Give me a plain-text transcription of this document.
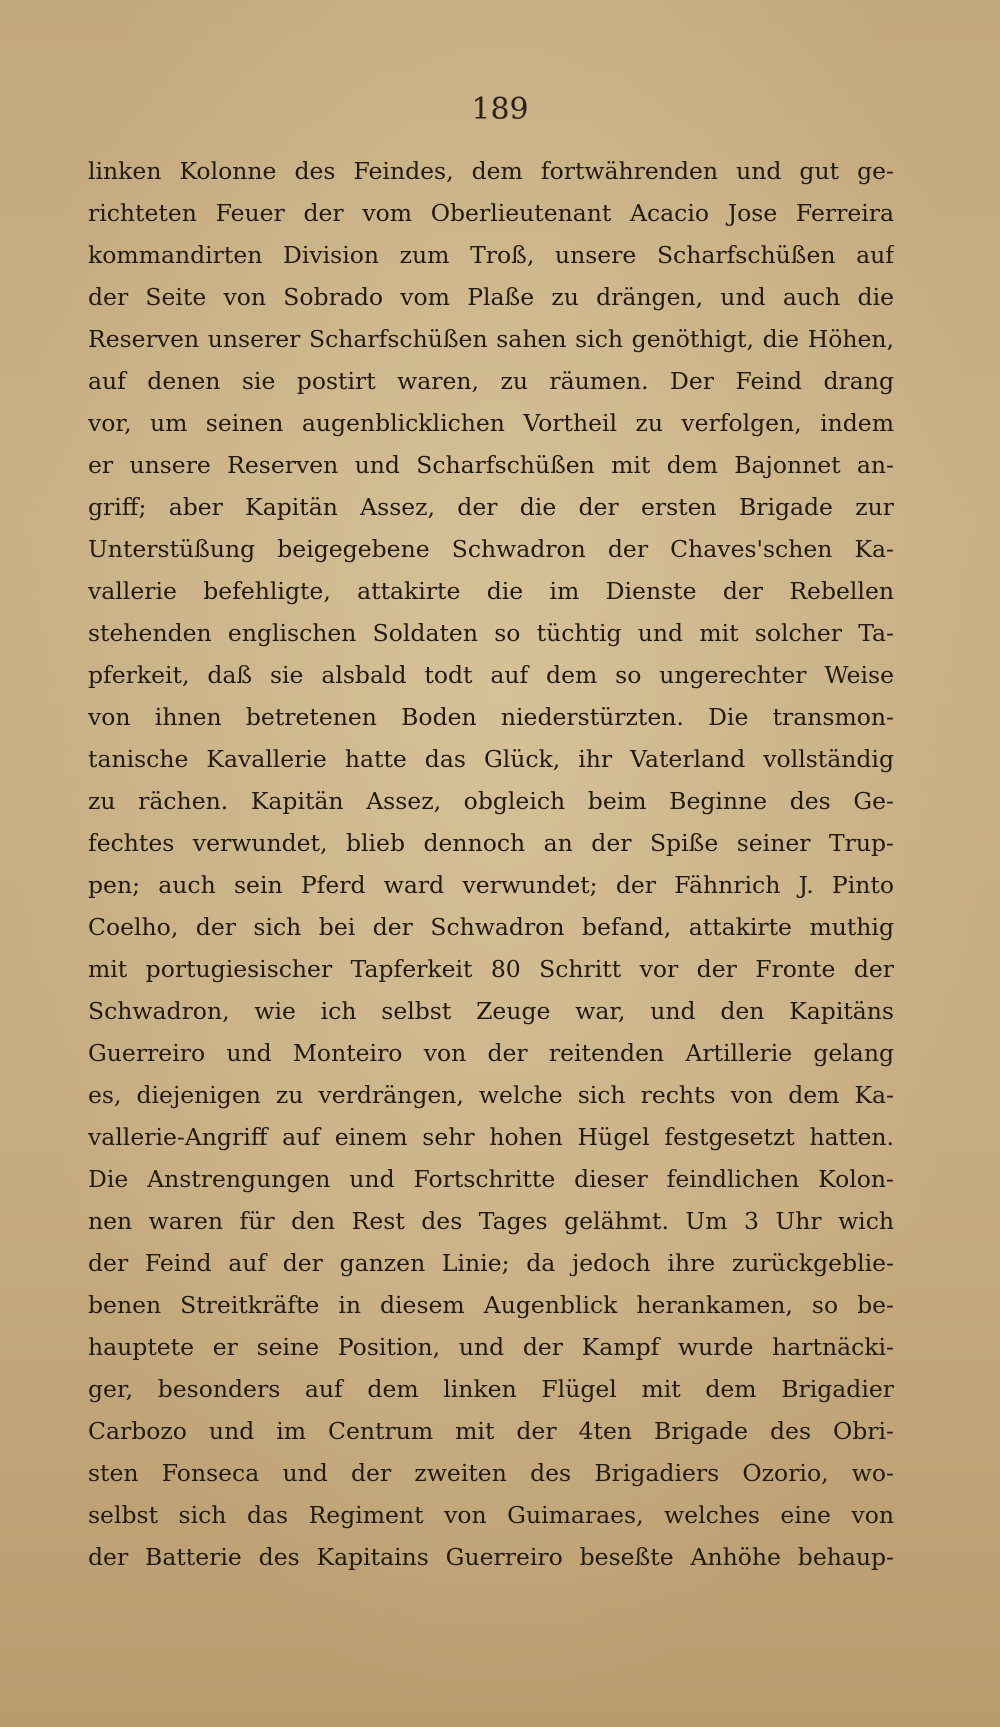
189

linken Kolonne des Feindes, dem fortwährenden und gut ge-
richteten Feuer der vom Oberlieutenant Acacio Jose Ferreira
kommandirten Division zum Troß, unsere Scharfschüßen auf
der Seite von Sobrado vom Plaße zu drängen, und auch die
Reserven unserer Scharfschüßen sahen sich genöthigt, die Höhen,
auf denen sie postirt waren, zu räumen. Der Feind drang
vor, um seinen augenblicklichen Vortheil zu verfolgen, indem
er unsere Reserven und Scharfschüßen mit dem Bajonnet an-
griff; aber Kapitän Assez, der die der ersten Brigade zur
Unterstüßung beigegebene Schwadron der Chaves'schen Ka-
vallerie befehligte, attakirte die im Dienste der Rebellen
stehenden englischen Soldaten so tüchtig und mit solcher Ta-
pferkeit, daß sie alsbald todt auf dem so ungerechter Weise
von ihnen betretenen Boden niederstürzten. Die transmon-
tanische Kavallerie hatte das Glück, ihr Vaterland vollständig
zu rächen. Kapitän Assez, obgleich beim Beginne des Ge-
fechtes verwundet, blieb dennoch an der Spiße seiner Trup-
pen; auch sein Pferd ward verwundet; der Fähnrich J. Pinto
Coelho, der sich bei der Schwadron befand, attakirte muthig
mit portugiesischer Tapferkeit 80 Schritt vor der Fronte der
Schwadron, wie ich selbst Zeuge war, und den Kapitäns
Guerreiro und Monteiro von der reitenden Artillerie gelang
es, diejenigen zu verdrängen, welche sich rechts von dem Ka-
vallerie-Angriff auf einem sehr hohen Hügel festgesetzt hatten.
Die Anstrengungen und Fortschritte dieser feindlichen Kolon-
nen waren für den Rest des Tages gelähmt. Um 3 Uhr wich
der Feind auf der ganzen Linie; da jedoch ihre zurückgeblie-
benen Streitkräfte in diesem Augenblick herankamen, so be-
hauptete er seine Position, und der Kampf wurde hartnäcki-
ger, besonders auf dem linken Flügel mit dem Brigadier
Carbozo und im Centrum mit der 4ten Brigade des Obri-
sten Fonseca und der zweiten des Brigadiers Ozorio, wo-
selbst sich das Regiment von Guimaraes, welches eine von
der Batterie des Kapitains Guerreiro beseßte Anhöhe behaup-
